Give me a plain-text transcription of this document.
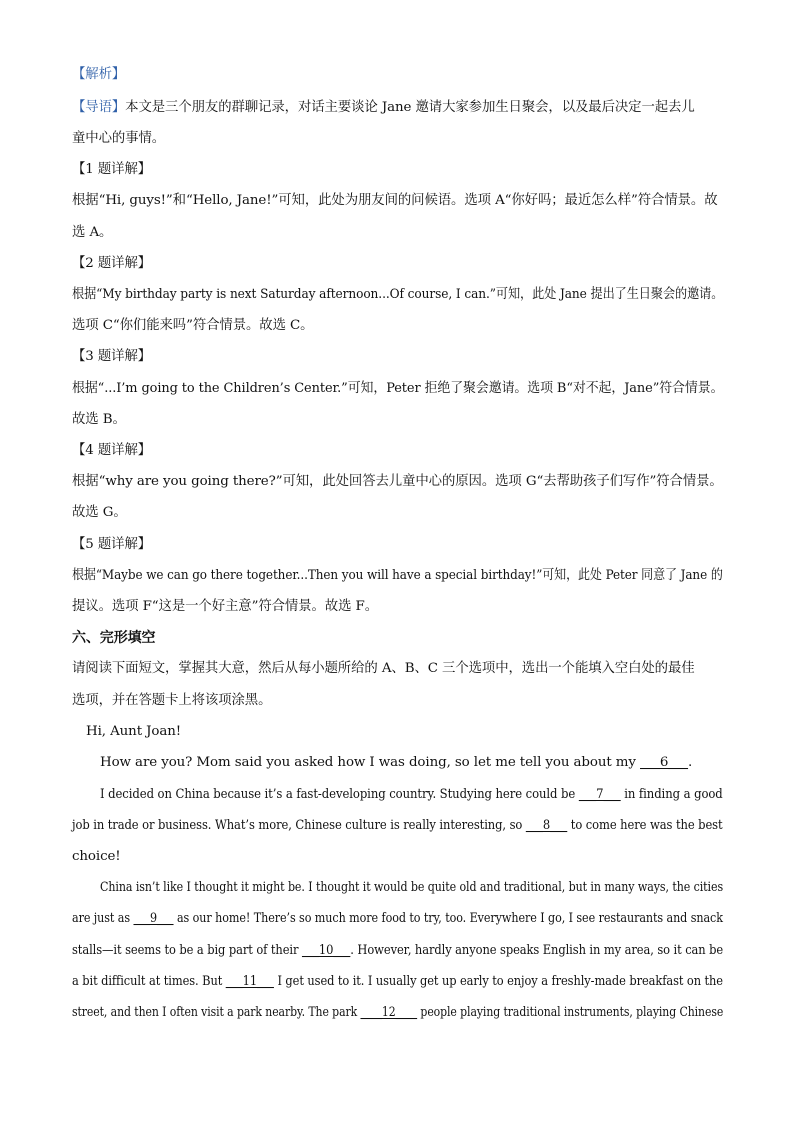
【解析】
【导语】本文是三个朋友的群聊记录，对话主要谈论 Jane 邀请大家参加生日聚会，以及最后决定一起去儿
童中心的事情。
【1 题详解】
根据“Hi, guys!”和“Hello, Jane!”可知，此处为朋友间的问候语。选项 A“你好吗；最近怎么样”符合情景。故
选 A。
【2 题详解】
根据“My birthday party is next Saturday afternoon...Of course, I can.”可知，此处 Jane 提出了生日聚会的邀请。
选项 C“你们能来吗”符合情景。故选 C。
【3 题详解】
根据“...I’m going to the Children’s Center.”可知，Peter 拒绝了聚会邀请。选项 B“对不起，Jane”符合情景。
故选 B。
【4 题详解】
根据“why are you going there?”可知，此处回答去儿童中心的原因。选项 G“去帮助孩子们写作”符合情景。
故选 G。
【5 题详解】
根据“Maybe we can go there together...Then you will have a special birthday!”可知，此处 Peter 同意了 Jane 的
提议。选项 F“这是一个好主意”符合情景。故选 F。
六、完形填空
请阅读下面短文，掌握其大意，然后从每小题所给的 A、B、C 三个选项中，选出一个能填入空白处的最佳
选项，并在答题卡上将该项涂黑。
Hi, Aunt Joan!
How are you? Mom said you asked how I was doing, so let me tell you about my ___6___.
I decided on China because it’s a fast-developing country. Studying here could be ___7___ in finding a good
job in trade or business. What’s more, Chinese culture is really interesting, so ___8___ to come here was the best
choice!
China isn’t like I thought it might be. I thought it would be quite old and traditional, but in many ways, the cities
are just as ___9___ as our home! There’s so much more food to try, too. Everywhere I go, I see restaurants and snack
stalls—it seems to be a big part of their ___10___. However, hardly anyone speaks English in my area, so it can be
a bit difficult at times. But ___11___ I get used to it. I usually get up early to enjoy a freshly-made breakfast on the
street, and then I often visit a park nearby. The park ____12____ people playing traditional instruments, playing Chinese
